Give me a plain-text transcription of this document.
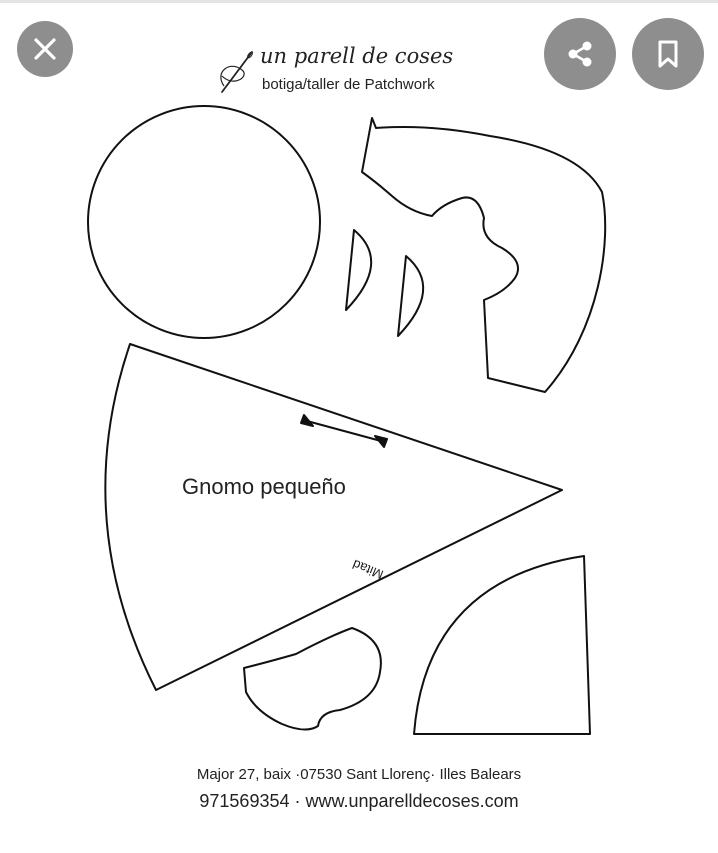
un parell de coses
botiga/taller de Patchwork
Gnomo pequeño
Mitad
Major 27, baix ·07530 Sant Llorenç· Illes Balears
971569354 · www.unparelldecoses.com
